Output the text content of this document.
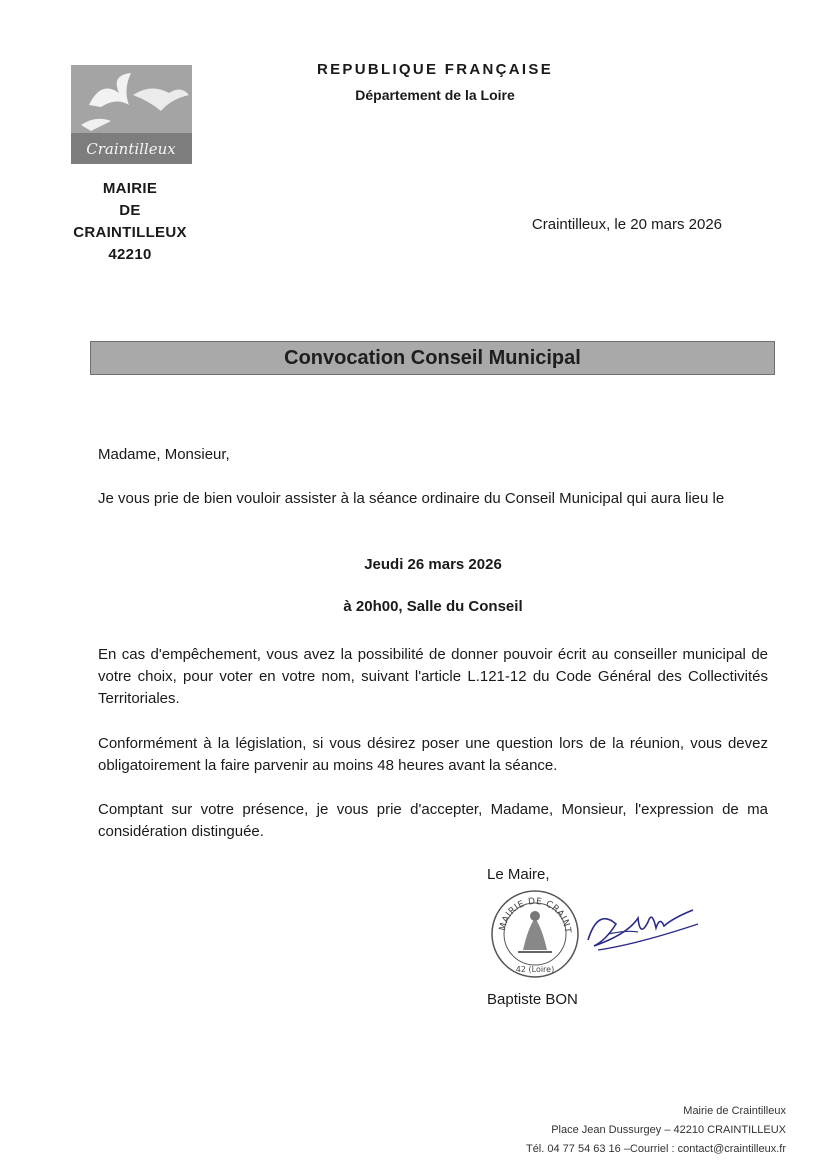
Craintilleux
MAIRIE
DE
CRAINTILLEUX
42210
REPUBLIQUE FRANÇAISE
Département de la Loire
Craintilleux, le 20 mars 2026
Convocation Conseil Municipal
Madame, Monsieur,
Je vous prie de bien vouloir assister à la séance ordinaire du Conseil Municipal qui aura lieu le
Jeudi 26 mars 2026
à 20h00, Salle du Conseil
En cas d'empêchement, vous avez la possibilité de donner pouvoir écrit au conseiller municipal de votre choix, pour voter en votre nom, suivant l'article L.121-12 du Code Général des Collectivités Territoriales.
Conformément à la législation, si vous désirez poser une question lors de la réunion, vous devez obligatoirement la faire parvenir au moins 48 heures avant la séance.
Comptant sur votre présence, je vous prie d'accepter, Madame, Monsieur, l'expression de ma considération distinguée.
Le Maire,
MAIRIE DE CRAINT
42 (Loire)
Baptiste BON
Mairie de Craintilleux
Place Jean Dussurgey – 42210 CRAINTILLEUX
Tél. 04 77 54 63 16 –Courriel : contact@craintilleux.fr
